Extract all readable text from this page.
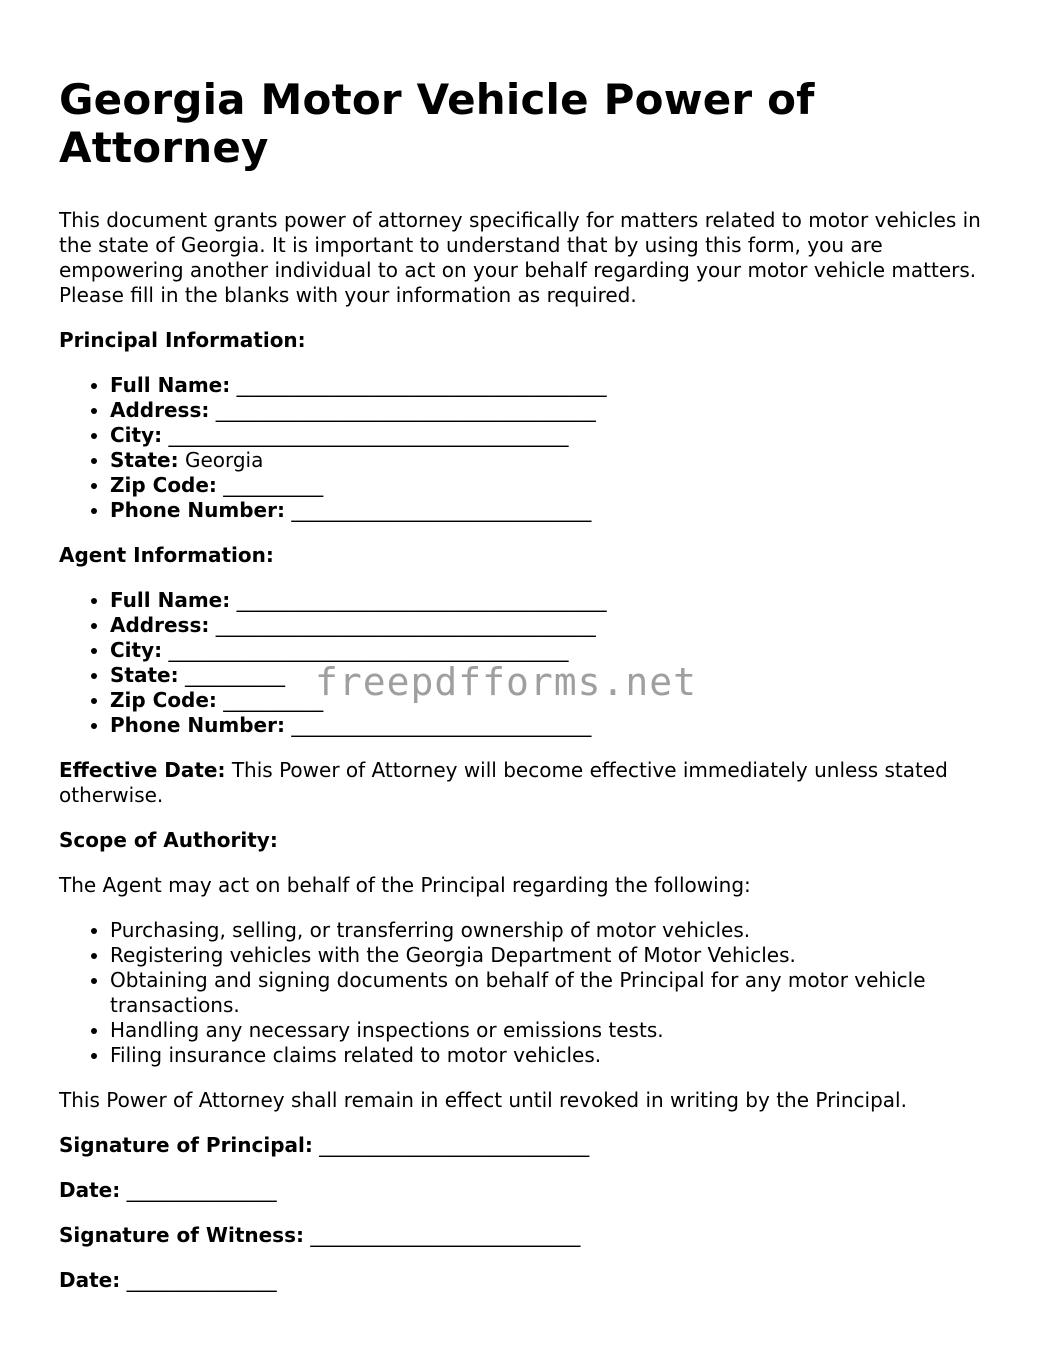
Georgia Motor Vehicle Power of Attorney

This document grants power of attorney specifically for matters related to motor vehicles in the state of Georgia. It is important to understand that by using this form, you are empowering another individual to act on your behalf regarding your motor vehicle matters. Please fill in the blanks with your information as required.

Principal Information:

• Full Name: _____________________________________
• Address: ______________________________________
• City: ________________________________________
• State: Georgia
• Zip Code: __________
• Phone Number: ______________________________

Agent Information:

• Full Name: _____________________________________
• Address: ______________________________________
• City: ________________________________________
• State: __________
• Zip Code: __________
• Phone Number: ______________________________

Effective Date: This Power of Attorney will become effective immediately unless stated otherwise.

Scope of Authority:

The Agent may act on behalf of the Principal regarding the following:

• Purchasing, selling, or transferring ownership of motor vehicles.
• Registering vehicles with the Georgia Department of Motor Vehicles.
• Obtaining and signing documents on behalf of the Principal for any motor vehicle transactions.
• Handling any necessary inspections or emissions tests.
• Filing insurance claims related to motor vehicles.

This Power of Attorney shall remain in effect until revoked in writing by the Principal.

Signature of Principal: ___________________________

Date: _______________

Signature of Witness: ___________________________

Date: _______________

freepdfforms.net
